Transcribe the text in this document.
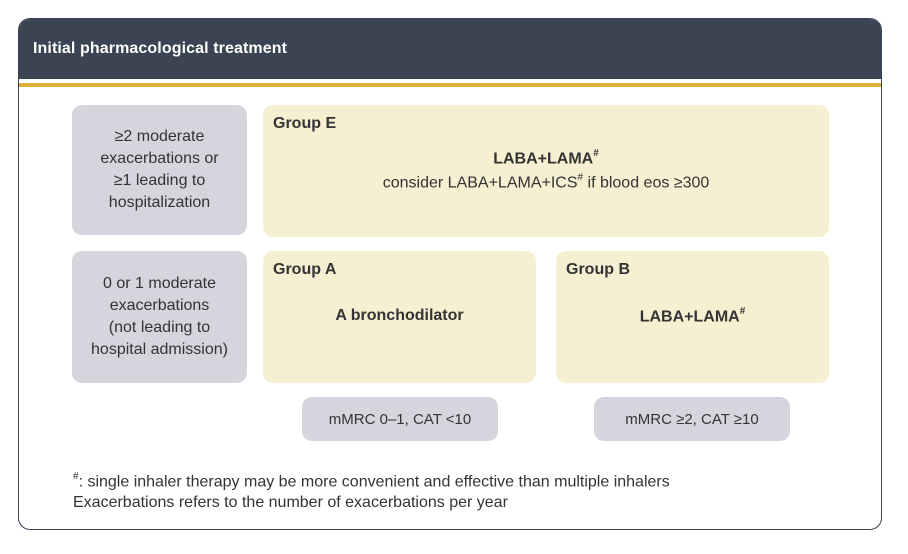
Initial pharmacological treatment
≥2 moderate
exacerbations or
≥1 leading to
hospitalization
Group E
LABA+LAMA#
consider LABA+LAMA+ICS# if blood eos ≥300
0 or 1 moderate
exacerbations
(not leading to
hospital admission)
Group A
A bronchodilator
Group B
LABA+LAMA#
mMRC 0–1, CAT <10	mMRC ≥2, CAT ≥10
#: single inhaler therapy may be more convenient and effective than multiple inhalers
Exacerbations refers to the number of exacerbations per year
